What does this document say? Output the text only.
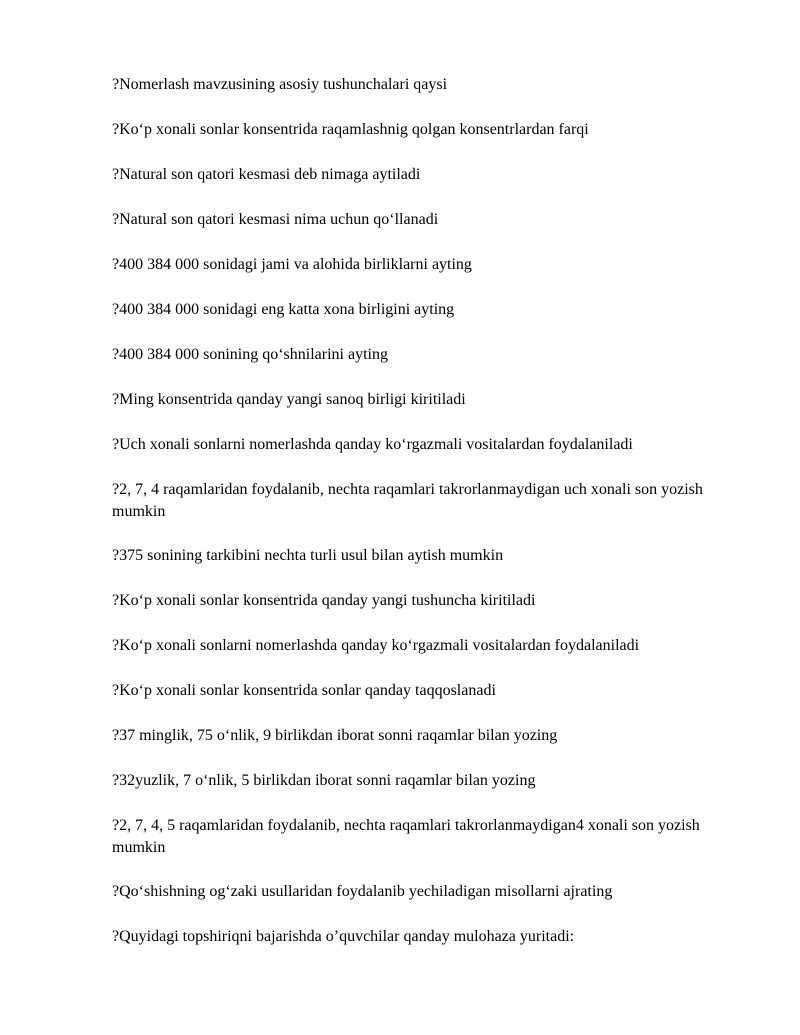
?Nomerlash mavzusining asosiy tushunchalari qaysi

?Ko‘p xonali sonlar konsentrida raqamlashnig qolgan konsentrlardan farqi

?Natural son qatori kesmasi deb nimaga aytiladi

?Natural son qatori kesmasi nima uchun qo‘llanadi

?400 384 000 sonidagi jami va alohida birliklarni ayting

?400 384 000 sonidagi eng katta xona birligini ayting

?400 384 000 sonining qo‘shnilarini ayting

?Ming konsentrida qanday yangi sanoq birligi kiritiladi

?Uch xonali sonlarni nomerlashda qanday ko‘rgazmali vositalardan foydalaniladi

?2, 7, 4 raqamlaridan foydalanib, nechta raqamlari takrorlanmaydigan uch xonali son yozish mumkin

?375 sonining tarkibini nechta turli usul bilan aytish mumkin

?Ko‘p xonali sonlar konsentrida qanday yangi tushuncha kiritiladi

?Ko‘p xonali sonlarni nomerlashda qanday ko‘rgazmali vositalardan foydalaniladi

?Ko‘p xonali sonlar konsentrida sonlar qanday taqqoslanadi

?37 minglik, 75 o‘nlik, 9 birlikdan iborat sonni raqamlar bilan yozing

?32yuzlik, 7 o‘nlik, 5 birlikdan iborat sonni raqamlar bilan yozing

?2, 7, 4, 5 raqamlaridan foydalanib, nechta raqamlari takrorlanmaydigan4 xonali son yozish mumkin

?Qo‘shishning og‘zaki usullaridan foydalanib yechiladigan misollarni ajrating

?Quyidagi topshiriqni bajarishda o’quvchilar qanday mulohaza yuritadi:
